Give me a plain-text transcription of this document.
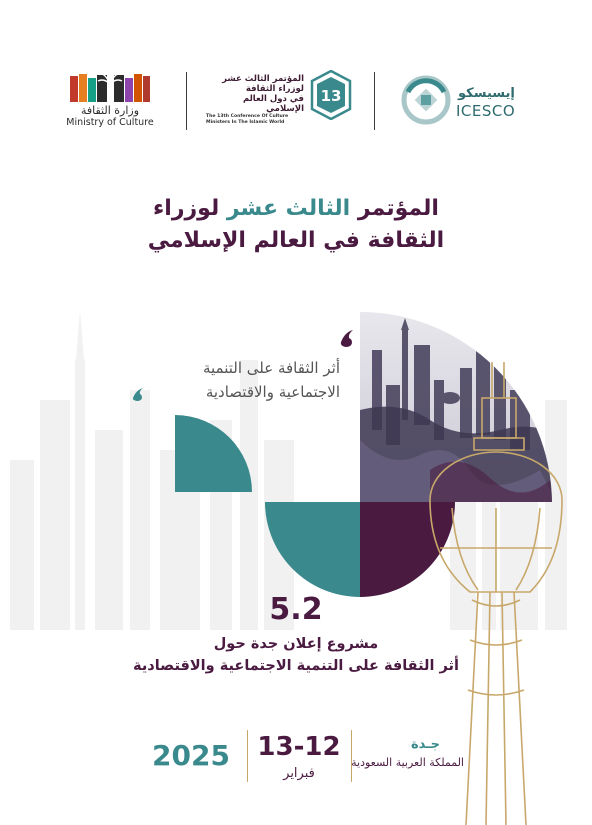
وزارة الثقافة
Ministry of Culture
المؤتمر الثالث عشر
لوزراء الثقافة
في دول العالم الإسلامي
The 13th Conference Of Culture
Ministers In The Islamic World
13	إيسيسكو
ICESCO
المؤتمر الثالث عشر لوزراء
الثقافة في العالم الإسلامي
أثر الثقافة على التنمية
الاجتماعية والاقتصادية
5.2
مشروع إعلان جدة حول
أثر الثقافة على التنمية الاجتماعية والاقتصادية
2025 13-12
فبراير
جـدة
المملكة العربية السعودية
